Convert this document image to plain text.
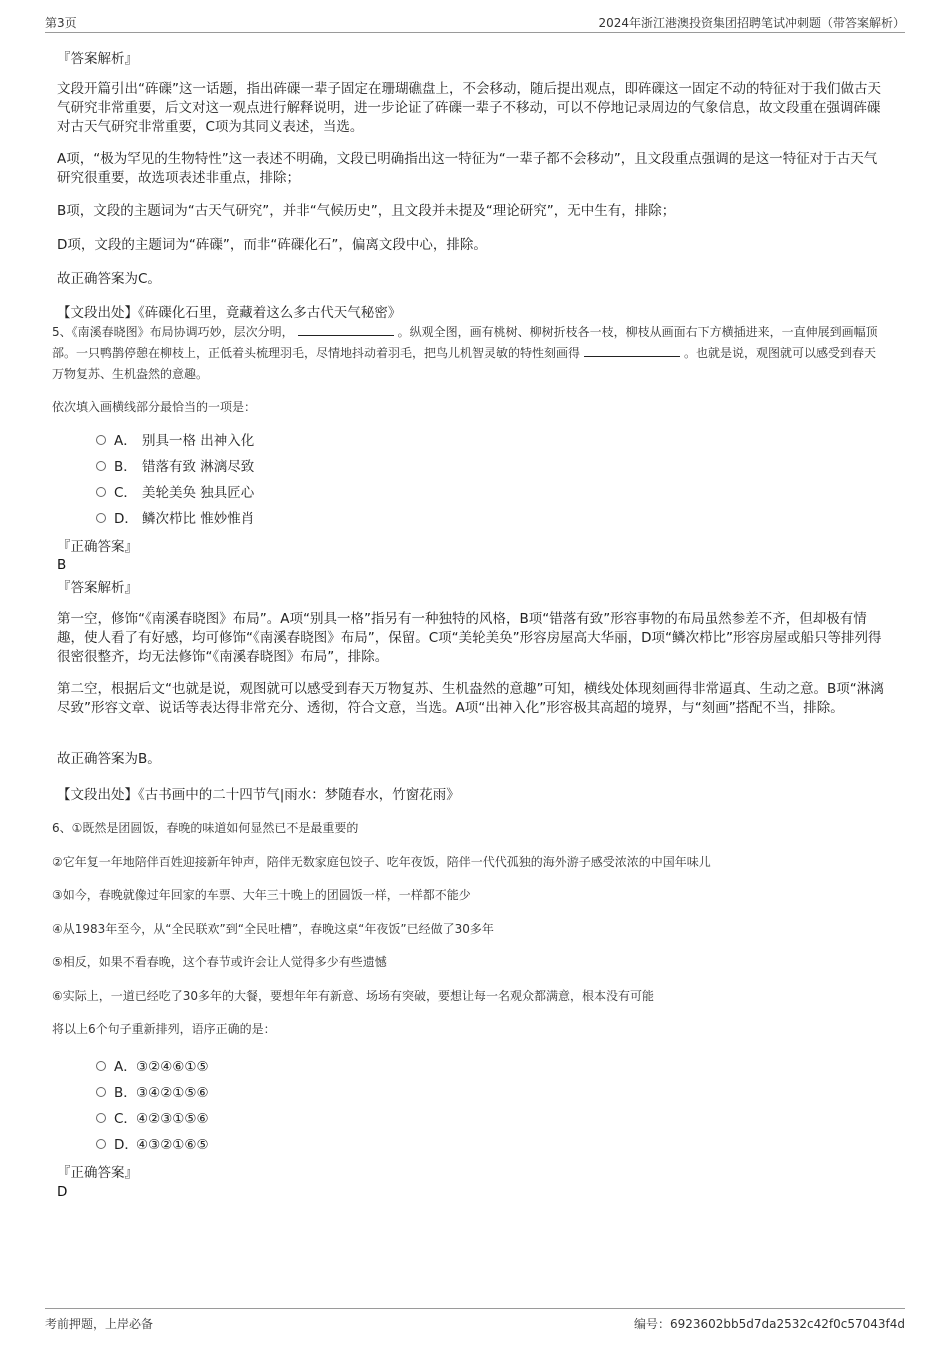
第3页	2024年浙江港澳投资集团招聘笔试冲刺题（带答案解析）
『答案解析』
文段开篇引出“砗磲”这一话题，指出砗磲一辈子固定在珊瑚礁盘上，不会移动，随后提出观点，即砗磲这一固定不动的特征对于我们做古天气研究非常重要，后文对这一观点进行解释说明，进一步论证了砗磲一辈子不移动，可以不停地记录周边的气象信息，故文段重在强调砗磲对古天气研究非常重要，C项为其同义表述，当选。
A项，“极为罕见的生物特性”这一表述不明确，文段已明确指出这一特征为“一辈子都不会移动”，且文段重点强调的是这一特征对于古天气研究很重要，故选项表述非重点，排除；
B项，文段的主题词为“古天气研究”，并非“气候历史”，且文段并未提及“理论研究”，无中生有，排除；
D项，文段的主题词为“砗磲”，而非“砗磲化石”，偏离文段中心，排除。
故正确答案为C。
【文段出处】《砗磲化石里，竟藏着这么多古代天气秘密》
5、《南溪春晓图》布局协调巧妙，层次分明，	。纵观全图，画有桃树、柳树折枝各一枝，柳枝从画面右下方横插进来，一直伸展到画幅顶部。一只鸭鹊停憩在柳枝上，正低着头梳理羽毛，尽情地抖动着羽毛，把鸟儿机智灵敏的特性刻画得	。也就是说，观图就可以感受到春天万物复苏、生机盎然的意趣。
依次填入画横线部分最恰当的一项是：
A． 别具一格 出神入化
B． 错落有致 淋漓尽致
C． 美轮美奂 独具匠心
D． 鳞次栉比 惟妙惟肖
『正确答案』
B
『答案解析』
第一空，修饰“《南溪春晓图》布局”。A项“别具一格”指另有一种独特的风格，B项“错落有致”形容事物的布局虽然参差不齐，但却极有情趣，使人看了有好感，均可修饰“《南溪春晓图》布局”，保留。C项“美轮美奂”形容房屋高大华丽，D项“鳞次栉比”形容房屋或船只等排列得很密很整齐，均无法修饰“《南溪春晓图》布局”，排除。
第二空，根据后文“也就是说，观图就可以感受到春天万物复苏、生机盎然的意趣”可知，横线处体现刻画得非常逼真、生动之意。B项“淋漓尽致”形容文章、说话等表达得非常充分、透彻，符合文意，当选。A项“出神入化”形容极其高超的境界，与“刻画”搭配不当，排除。
故正确答案为B。
【文段出处】《古书画中的二十四节气|雨水：梦随春水，竹窗花雨》
6、①既然是团圆饭，春晚的味道如何显然已不是最重要的
②它年复一年地陪伴百姓迎接新年钟声，陪伴无数家庭包饺子、吃年夜饭，陪伴一代代孤独的海外游子感受浓浓的中国年味儿
③如今，春晚就像过年回家的车票、大年三十晚上的团圆饭一样，一样都不能少
④从1983年至今，从“全民联欢”到“全民吐槽”，春晚这桌“年夜饭”已经做了30多年
⑤相反，如果不看春晚，这个春节或许会让人觉得多少有些遗憾
⑥实际上，一道已经吃了30多年的大餐，要想年年有新意、场场有突破，要想让每一名观众都满意，根本没有可能
将以上6个句子重新排列，语序正确的是：
A．③②④⑥①⑤
B．③④②①⑤⑥
C．④②③①⑤⑥
D．④③②①⑥⑤
『正确答案』
D
考前押题，上岸必备	编号：6923602bb5d7da2532c42f0c57043f4d
